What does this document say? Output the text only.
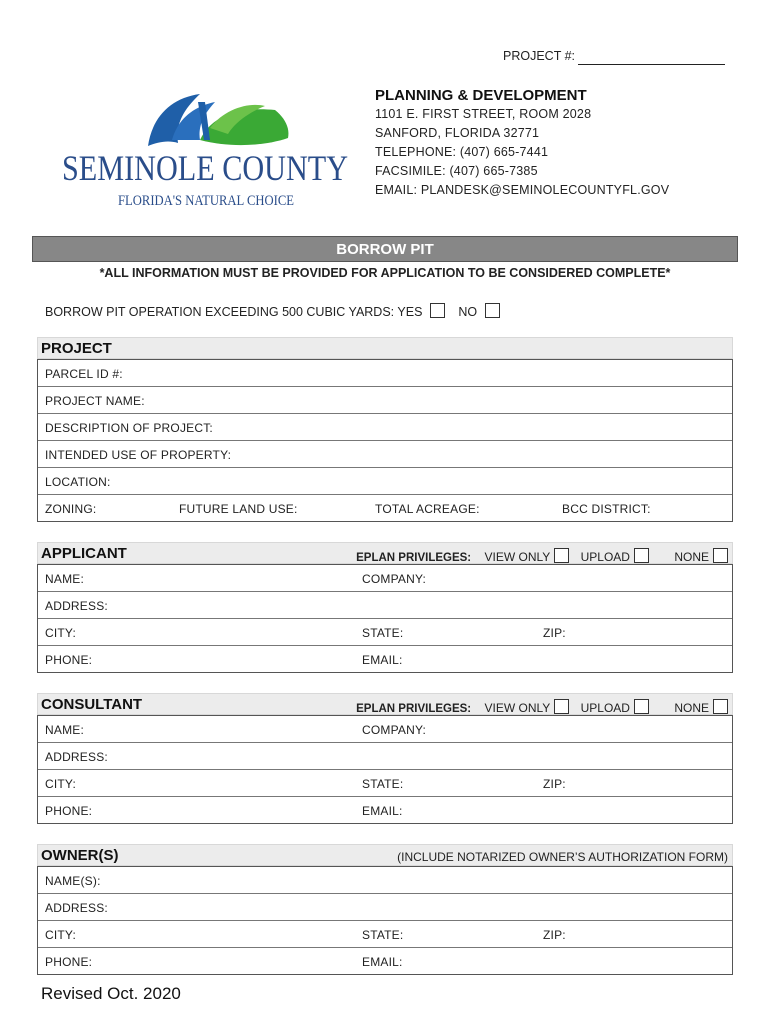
PROJECT #:
SEMINOLE COUNTY
FLORIDA'S NATURAL CHOICE
PLANNING & DEVELOPMENT
1101 E. FIRST STREET, ROOM 2028
SANFORD, FLORIDA 32771
TELEPHONE: (407) 665-7441
FACSIMILE: (407) 665-7385
EMAIL: PLANDESK@SEMINOLECOUNTYFL.GOV
BORROW PIT
*ALL INFORMATION MUST BE PROVIDED FOR APPLICATION TO BE CONSIDERED COMPLETE*
BORROW PIT OPERATION EXCEEDING 500 CUBIC YARDS: YES	NO
PROJECT
PARCEL ID #:
PROJECT NAME:
DESCRIPTION OF PROJECT:
INTENDED USE OF PROPERTY:
LOCATION:
ZONING:	FUTURE LAND USE:	TOTAL ACREAGE:	BCC DISTRICT:
APPLICANT	EPLAN PRIVILEGES: VIEW ONLY	UPLOAD	NONE
NAME:	COMPANY:
ADDRESS:
CITY:	STATE:	ZIP:
PHONE:	EMAIL:
CONSULTANT	EPLAN PRIVILEGES: VIEW ONLY	UPLOAD	NONE
NAME:	COMPANY:
ADDRESS:
CITY:	STATE:	ZIP:
PHONE:	EMAIL:
OWNER(S)	(INCLUDE NOTARIZED OWNER’S AUTHORIZATION FORM)
NAME(S):
ADDRESS:
CITY:	STATE:	ZIP:
PHONE:	EMAIL:
Revised Oct. 2020
